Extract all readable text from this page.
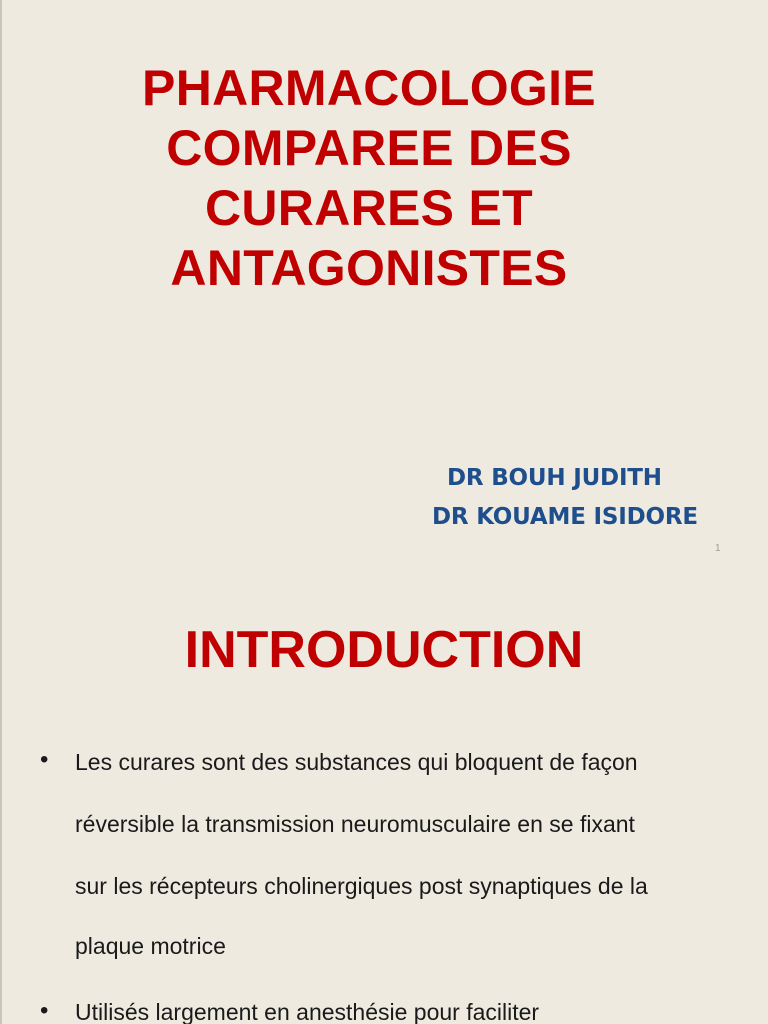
PHARMACOLOGIE
COMPAREE DES
CURARES ET
ANTAGONISTES
DR BOUH JUDITH
DR KOUAME ISIDORE
1
INTRODUCTION
• Les curares sont des substances qui bloquent de façon
réversible la transmission neuromusculaire en se fixant
sur les récepteurs cholinergiques post synaptiques de la
plaque motrice
• Utilisés largement en anesthésie pour faciliter
